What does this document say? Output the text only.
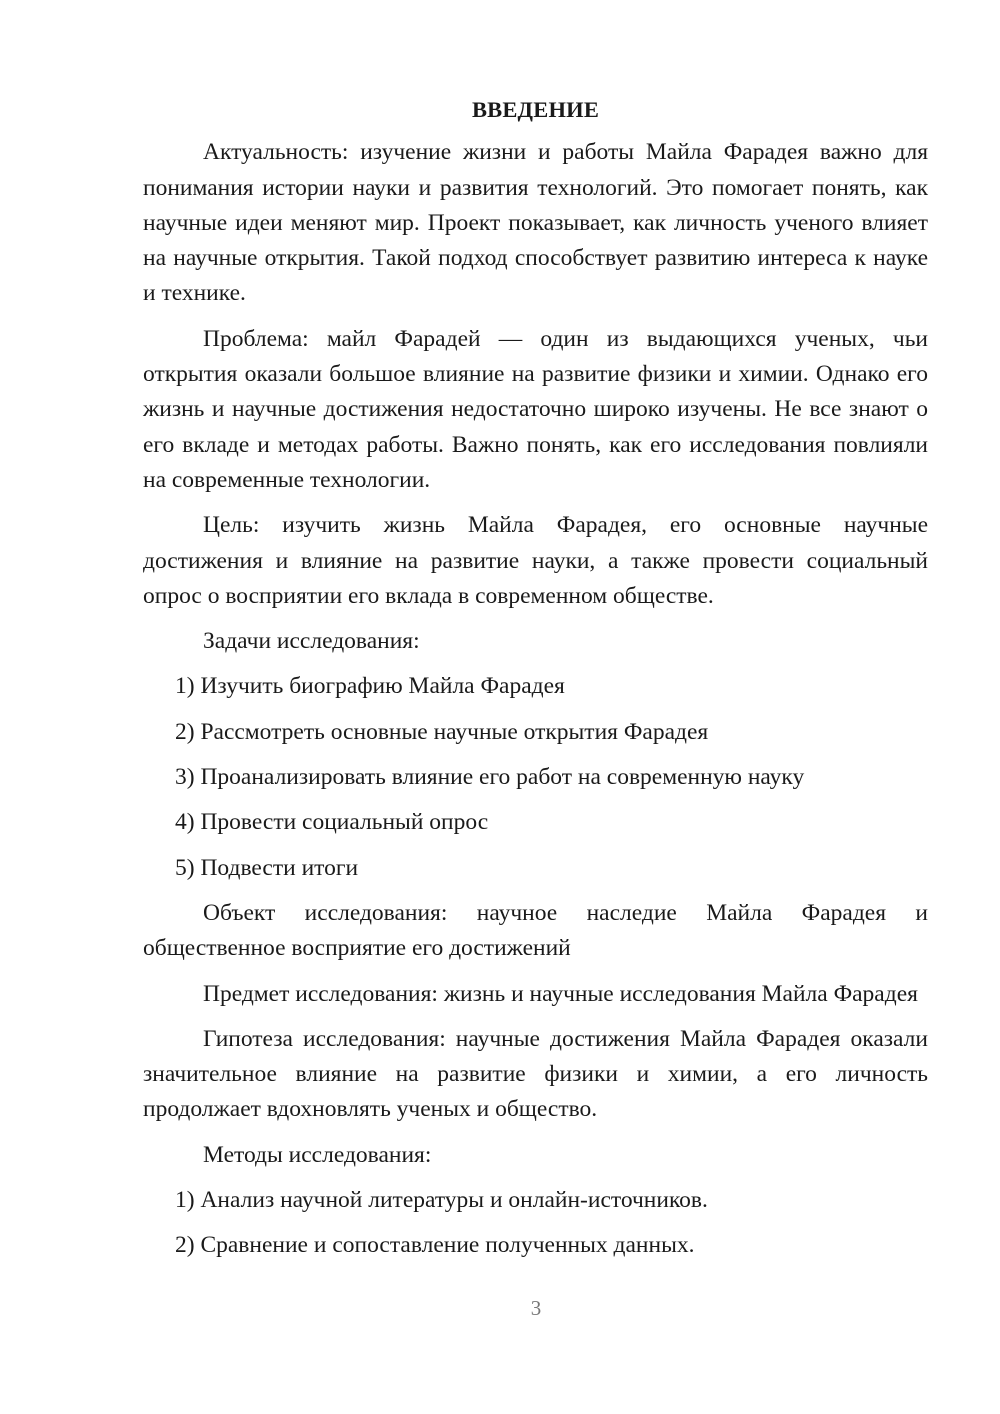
ВВЕДЕНИЕ

Актуальность: изучение жизни и работы Майла Фарадея важно для понимания истории науки и развития технологий. Это помогает понять, как научные идеи меняют мир. Проект показывает, как личность ученого влияет на научные открытия. Такой подход способствует развитию интереса к науке и технике.

Проблема: майл Фарадей — один из выдающихся ученых, чьи открытия оказали большое влияние на развитие физики и химии. Однако его жизнь и научные достижения недостаточно широко изучены. Не все знают о его вкладе и методах работы. Важно понять, как его исследования повлияли на современные технологии.

Цель: изучить жизнь Майла Фарадея, его основные научные достижения и влияние на развитие науки, а также провести социальный опрос о восприятии его вклада в современном обществе.

Задачи исследования:

1) Изучить биографию Майла Фарадея
2) Рассмотреть основные научные открытия Фарадея
3) Проанализировать влияние его работ на современную науку
4) Провести социальный опрос
5) Подвести итоги

Объект исследования: научное наследие Майла Фарадея и общественное восприятие его достижений

Предмет исследования: жизнь и научные исследования Майла Фарадея

Гипотеза исследования: научные достижения Майла Фарадея оказали значительное влияние на развитие физики и химии, а его личность продолжает вдохновлять ученых и общество.

Методы исследования:

1) Анализ научной литературы и онлайн-источников.
2) Сравнение и сопоставление полученных данных.
3
